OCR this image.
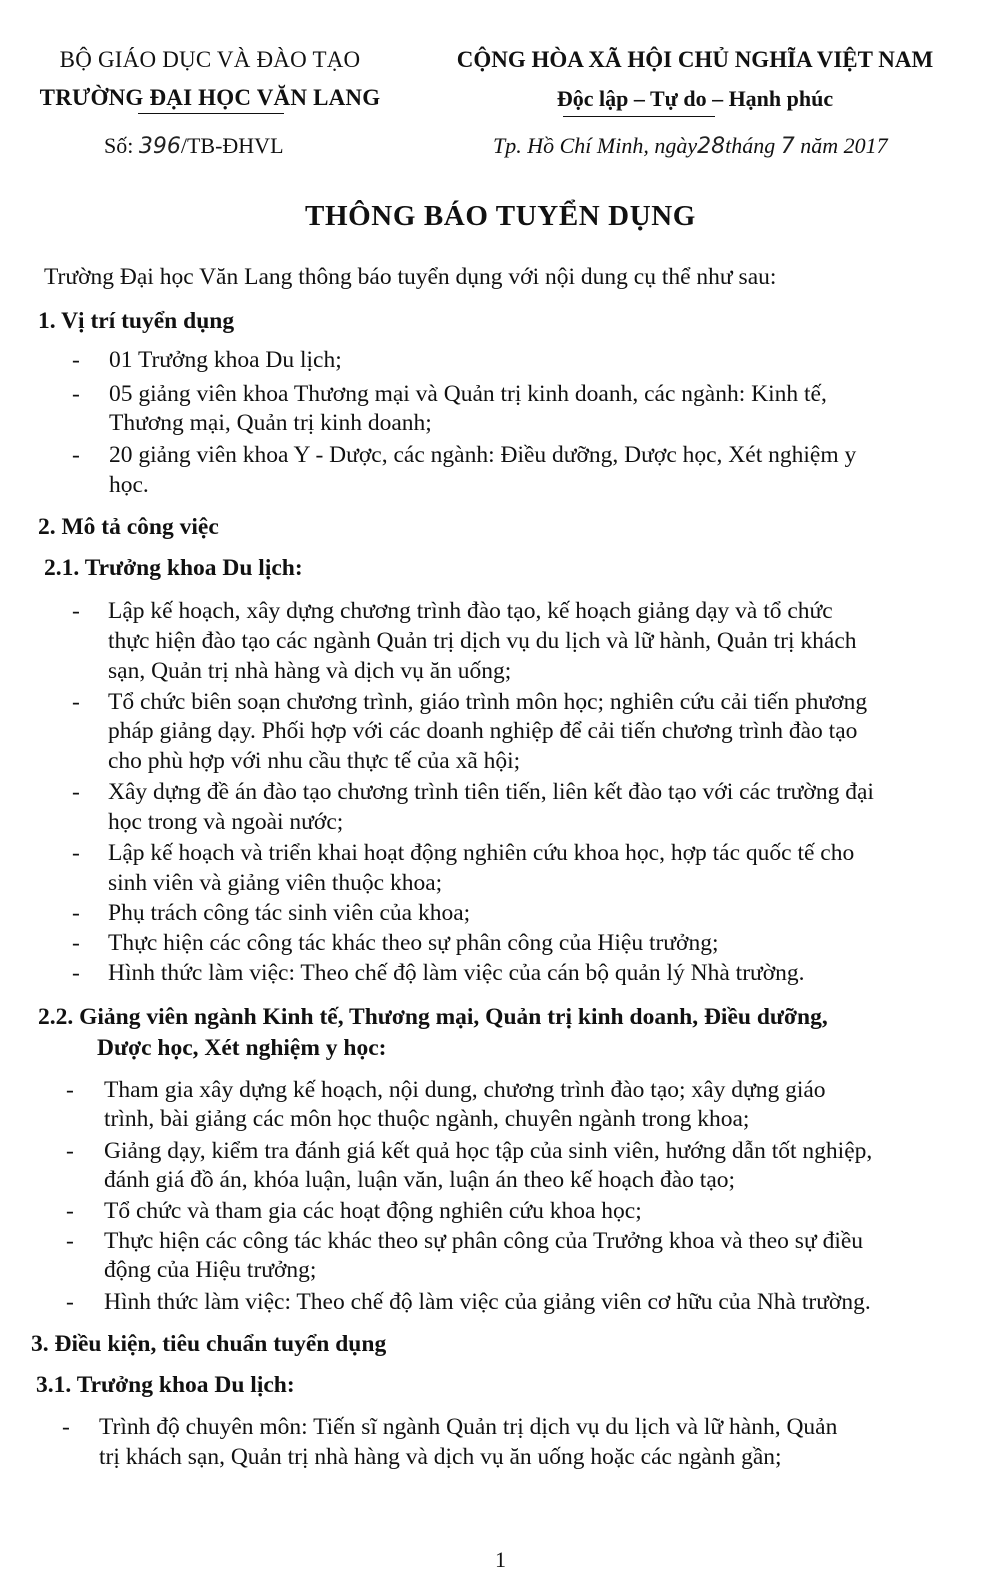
BỘ GIÁO DỤC VÀ ĐÀO TẠO
TRƯỜNG ĐẠI HỌC VĂN LANG
CỘNG HÒA XÃ HỘI CHỦ NGHĨA VIỆT NAM
Độc lập – Tự do – Hạnh phúc
Số: 396/TB-ĐHVL	Tp. Hồ Chí Minh, ngày28tháng 7 năm 2017
THÔNG BÁO TUYỂN DỤNG
Trường Đại học Văn Lang thông báo tuyển dụng với nội dung cụ thể như sau:
1. Vị trí tuyển dụng
- 01 Trưởng khoa Du lịch;
- 05 giảng viên khoa Thương mại và Quản trị kinh doanh, các ngành: Kinh tế,
Thương mại, Quản trị kinh doanh;
- 20 giảng viên khoa Y - Dược, các ngành: Điều dưỡng, Dược học, Xét nghiệm y
học.
2. Mô tả công việc
2.1. Trưởng khoa Du lịch:
- Lập kế hoạch, xây dựng chương trình đào tạo, kế hoạch giảng dạy và tổ chức
thực hiện đào tạo các ngành Quản trị dịch vụ du lịch và lữ hành, Quản trị khách
sạn, Quản trị nhà hàng và dịch vụ ăn uống;
- Tổ chức biên soạn chương trình, giáo trình môn học; nghiên cứu cải tiến phương
pháp giảng dạy. Phối hợp với các doanh nghiệp để cải tiến chương trình đào tạo
cho phù hợp với nhu cầu thực tế của xã hội;
- Xây dựng đề án đào tạo chương trình tiên tiến, liên kết đào tạo với các trường đại
học trong và ngoài nước;
- Lập kế hoạch và triển khai hoạt động nghiên cứu khoa học, hợp tác quốc tế cho
sinh viên và giảng viên thuộc khoa;
- Phụ trách công tác sinh viên của khoa;
- Thực hiện các công tác khác theo sự phân công của Hiệu trưởng;
- Hình thức làm việc: Theo chế độ làm việc của cán bộ quản lý Nhà trường.
2.2. Giảng viên ngành Kinh tế, Thương mại, Quản trị kinh doanh, Điều dưỡng,
Dược học, Xét nghiệm y học:
- Tham gia xây dựng kế hoạch, nội dung, chương trình đào tạo; xây dựng giáo
trình, bài giảng các môn học thuộc ngành, chuyên ngành trong khoa;
- Giảng dạy, kiểm tra đánh giá kết quả học tập của sinh viên, hướng dẫn tốt nghiệp,
đánh giá đồ án, khóa luận, luận văn, luận án theo kế hoạch đào tạo;
- Tổ chức và tham gia các hoạt động nghiên cứu khoa học;
- Thực hiện các công tác khác theo sự phân công của Trưởng khoa và theo sự điều
động của Hiệu trưởng;
- Hình thức làm việc: Theo chế độ làm việc của giảng viên cơ hữu của Nhà trường.
3. Điều kiện, tiêu chuẩn tuyển dụng
3.1. Trưởng khoa Du lịch:
- Trình độ chuyên môn: Tiến sĩ ngành Quản trị dịch vụ du lịch và lữ hành, Quản
trị khách sạn, Quản trị nhà hàng và dịch vụ ăn uống hoặc các ngành gần;
1
